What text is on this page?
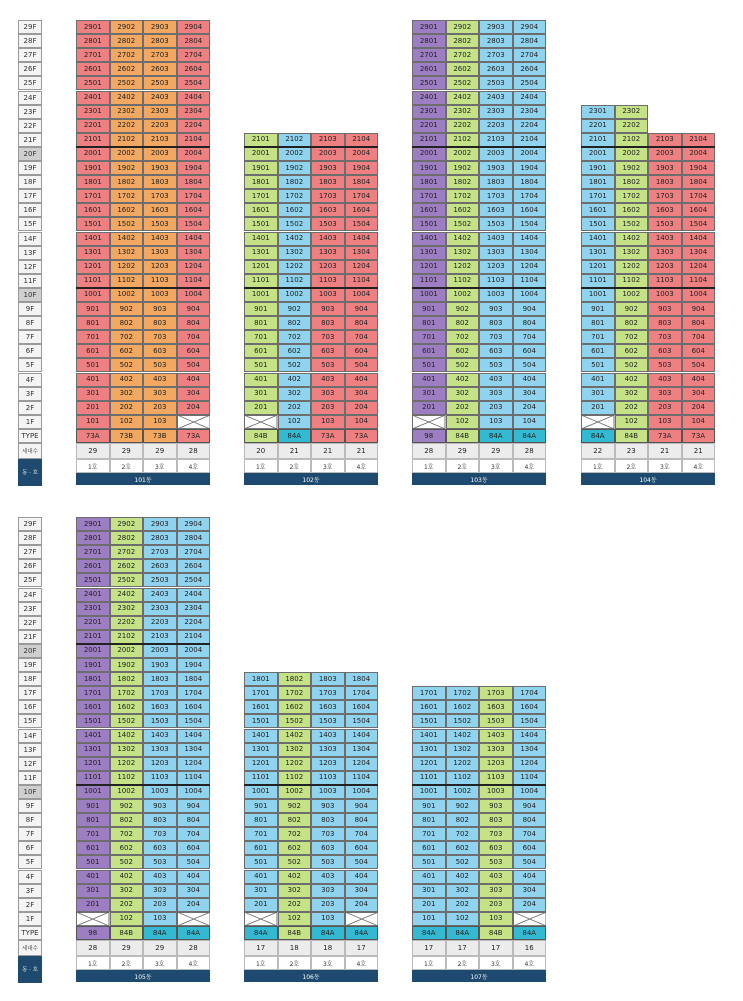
29F
28F
27F
26F
25F
24F
23F
22F
21F
20F
19F
18F
17F
16F
15F
14F
13F
12F
11F
10F
9F
8F
7F
6F
5F
4F
3F
2F
1F
TYPE
세대수
동 · 호
29F
28F
27F
26F
25F
24F
23F
22F
21F
20F
19F
18F
17F
16F
15F
14F
13F
12F
11F
10F
9F
8F
7F
6F
5F
4F
3F
2F
1F
TYPE
세대수
동 · 호
2901
2801
2701
2601
2501
2401
2301
2201
2101
2001
1901
1801
1701
1601
1501
1401
1301
1201
1101
1001
901
801
701
601
501
401
301
201
101
73A
29
1호
2902
2802
2702
2602
2502
2402
2302
2202
2102
2002
1902
1802
1702
1602
1502
1402
1302
1202
1102
1002
902
802
702
602
502
402
302
202
102
73B
29
2호
2903
2803
2703
2603
2503
2403
2303
2203
2103
2003
1903
1803
1703
1603
1503
1403
1303
1203
1103
1003
903
803
703
603
503
403
303
203
103
73B
29
3호
2904
2804
2704
2604
2504
2404
2304
2204
2104
2004
1904
1804
1704
1604
1504
1404
1304
1204
1104
1004
904
804
704
604
504
404
304
204
73A
28
4호
101동
2101
2001
1901
1801
1701
1601
1501
1401
1301
1201
1101
1001
901
801
701
601
501
401
301
201
84B
20
1호
2102
2002
1902
1802
1702
1602
1502
1402
1302
1202
1102
1002
902
802
702
602
502
402
302
202
102
84A
21
2호
2103
2003
1903
1803
1703
1603
1503
1403
1303
1203
1103
1003
903
803
703
603
503
403
303
203
103
73A
21
3호
2104
2004
1904
1804
1704
1604
1504
1404
1304
1204
1104
1004
904
804
704
604
504
404
304
204
104
73A
21
4호
102동
2901
2801
2701
2601
2501
2401
2301
2201
2101
2001
1901
1801
1701
1601
1501
1401
1301
1201
1101
1001
901
801
701
601
501
401
301
201
98
28
1호
2902
2802
2702
2602
2502
2402
2302
2202
2102
2002
1902
1802
1702
1602
1502
1402
1302
1202
1102
1002
902
802
702
602
502
402
302
202
102
84B
29
2호
2903
2803
2703
2603
2503
2403
2303
2203
2103
2003
1903
1803
1703
1603
1503
1403
1303
1203
1103
1003
903
803
703
603
503
403
303
203
103
84A
29
3호
2904
2804
2704
2604
2504
2404
2304
2204
2104
2004
1904
1804
1704
1604
1504
1404
1304
1204
1104
1004
904
804
704
604
504
404
304
204
104
84A
28
4호
103동
2301
2201
2101
2001
1901
1801
1701
1601
1501
1401
1301
1201
1101
1001
901
801
701
601
501
401
301
201
84A
22
1호
2302
2202
2102
2002
1902
1802
1702
1602
1502
1402
1302
1202
1102
1002
902
802
702
602
502
402
302
202
102
84B
23
2호
2103
2003
1903
1803
1703
1603
1503
1403
1303
1203
1103
1003
903
803
703
603
503
403
303
203
103
73A
21
3호
2104
2004
1904
1804
1704
1604
1504
1404
1304
1204
1104
1004
904
804
704
604
504
404
304
204
104
73A
21
4호
104동
2901
2801
2701
2601
2501
2401
2301
2201
2101
2001
1901
1801
1701
1601
1501
1401
1301
1201
1101
1001
901
801
701
601
501
401
301
201
98
28
1호
2902
2802
2702
2602
2502
2402
2302
2202
2102
2002
1902
1802
1702
1602
1502
1402
1302
1202
1102
1002
902
802
702
602
502
402
302
202
102
84B
29
2호
2903
2803
2703
2603
2503
2403
2303
2203
2103
2003
1903
1803
1703
1603
1503
1403
1303
1203
1103
1003
903
803
703
603
503
403
303
203
103
84A
29
3호
2904
2804
2704
2604
2504
2404
2304
2204
2104
2004
1904
1804
1704
1604
1504
1404
1304
1204
1104
1004
904
804
704
604
504
404
304
204
84A
28
4호
105동
1801
1701
1601
1501
1401
1301
1201
1101
1001
901
801
701
601
501
401
301
201
84A
17
1호
1802
1702
1602
1502
1402
1302
1202
1102
1002
902
802
702
602
502
402
302
202
102
84B
18
2호
1803
1703
1603
1503
1403
1303
1203
1103
1003
903
803
703
603
503
403
303
203
103
84A
18
3호
1804
1704
1604
1504
1404
1304
1204
1104
1004
904
804
704
604
504
404
304
204
84A
17
4호
106동
1701
1601
1501
1401
1301
1201
1101
1001
901
801
701
601
501
401
301
201
101
84A
17
1호
1702
1602
1502
1402
1302
1202
1102
1002
902
802
702
602
502
402
302
202
102
84A
17
2호
1703
1603
1503
1403
1303
1203
1103
1003
903
803
703
603
503
403
303
203
103
84B
17
3호
1704
1604
1504
1404
1304
1204
1104
1004
904
804
704
604
504
404
304
204
84A
16
4호
107동
